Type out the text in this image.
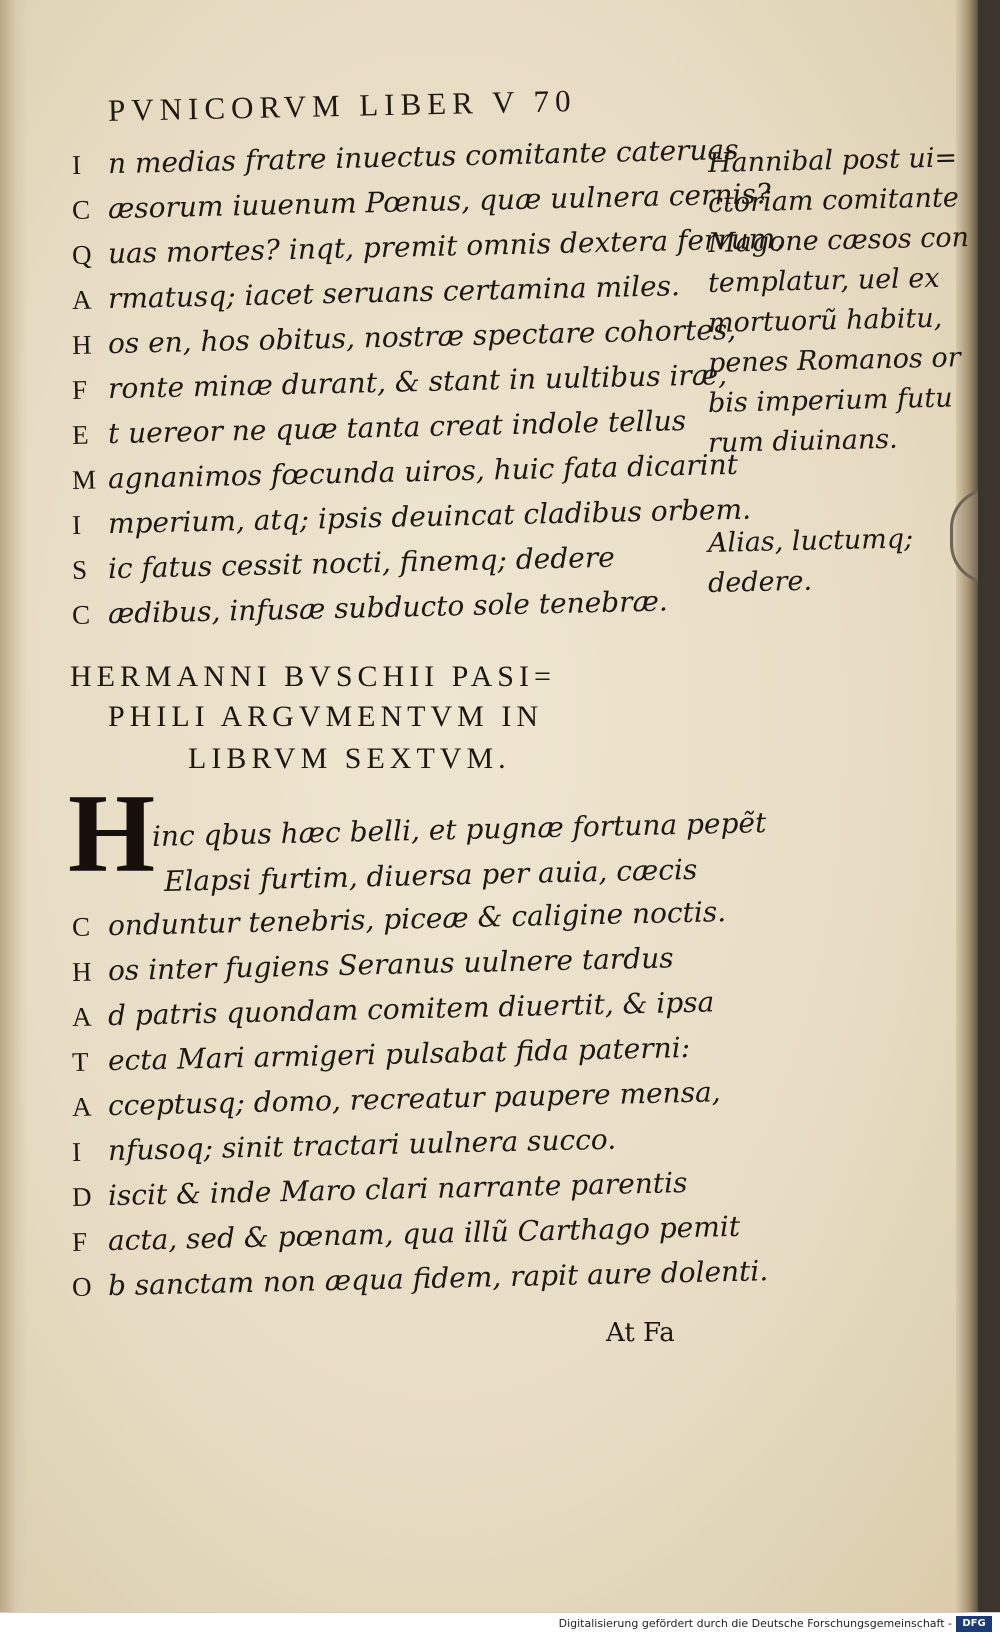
PVNICORVM LIBER V 70
I n medias fratre inuectus comitante cateruas
C æsorum iuuenum Pœnus, quæ uulnera cernis?
Q uas mortes? inqt, premit omnis dextera ferrum,
A rmatusq; iacet seruans certamina miles.
H os en, hos obitus, nostræ spectare cohortes,
F ronte minæ durant, & stant in uultibus iræ,
E t uereor ne quæ tanta creat indole tellus
M agnanimos fœcunda uiros, huic fata dicarint
I mperium, atq; ipsis deuincat cladibus orbem.
S ic fatus cessit nocti, finemq; dedere
C ædibus, infusæ subducto sole tenebræ.
Hannibal post ui=
ctoriam comitante
Magone cæsos con
templatur, uel ex
mortuorũ habitu,
penes Romanos or
bis imperium futu
rum diuinans.
Alias, luctumq;
dedere.
HERMANNI BVSCHII PASI=
PHILI ARGVMENTVM IN
LIBRVM SEXTVM.
H
inc qbus hæc belli, et pugnæ fortuna pepẽt
Elapsi furtim, diuersa per auia, cæcis
C onduntur tenebris, piceæ & caligine noctis.
H os inter fugiens Seranus uulnere tardus
A d patris quondam comitem diuertit, & ipsa
T ecta Mari armigeri pulsabat fida paterni:
A cceptusq; domo, recreatur paupere mensa,
I nfusoq; sinit tractari uulnera succo.
D iscit & inde Maro clari narrante parentis
F acta, sed & pœnam, qua illũ Carthago pemit
O b sanctam non æqua fidem, rapit aure dolenti.
At Fa
Digitalisierung gefördert durch die Deutsche Forschungsgemeinschaft -	DFG
